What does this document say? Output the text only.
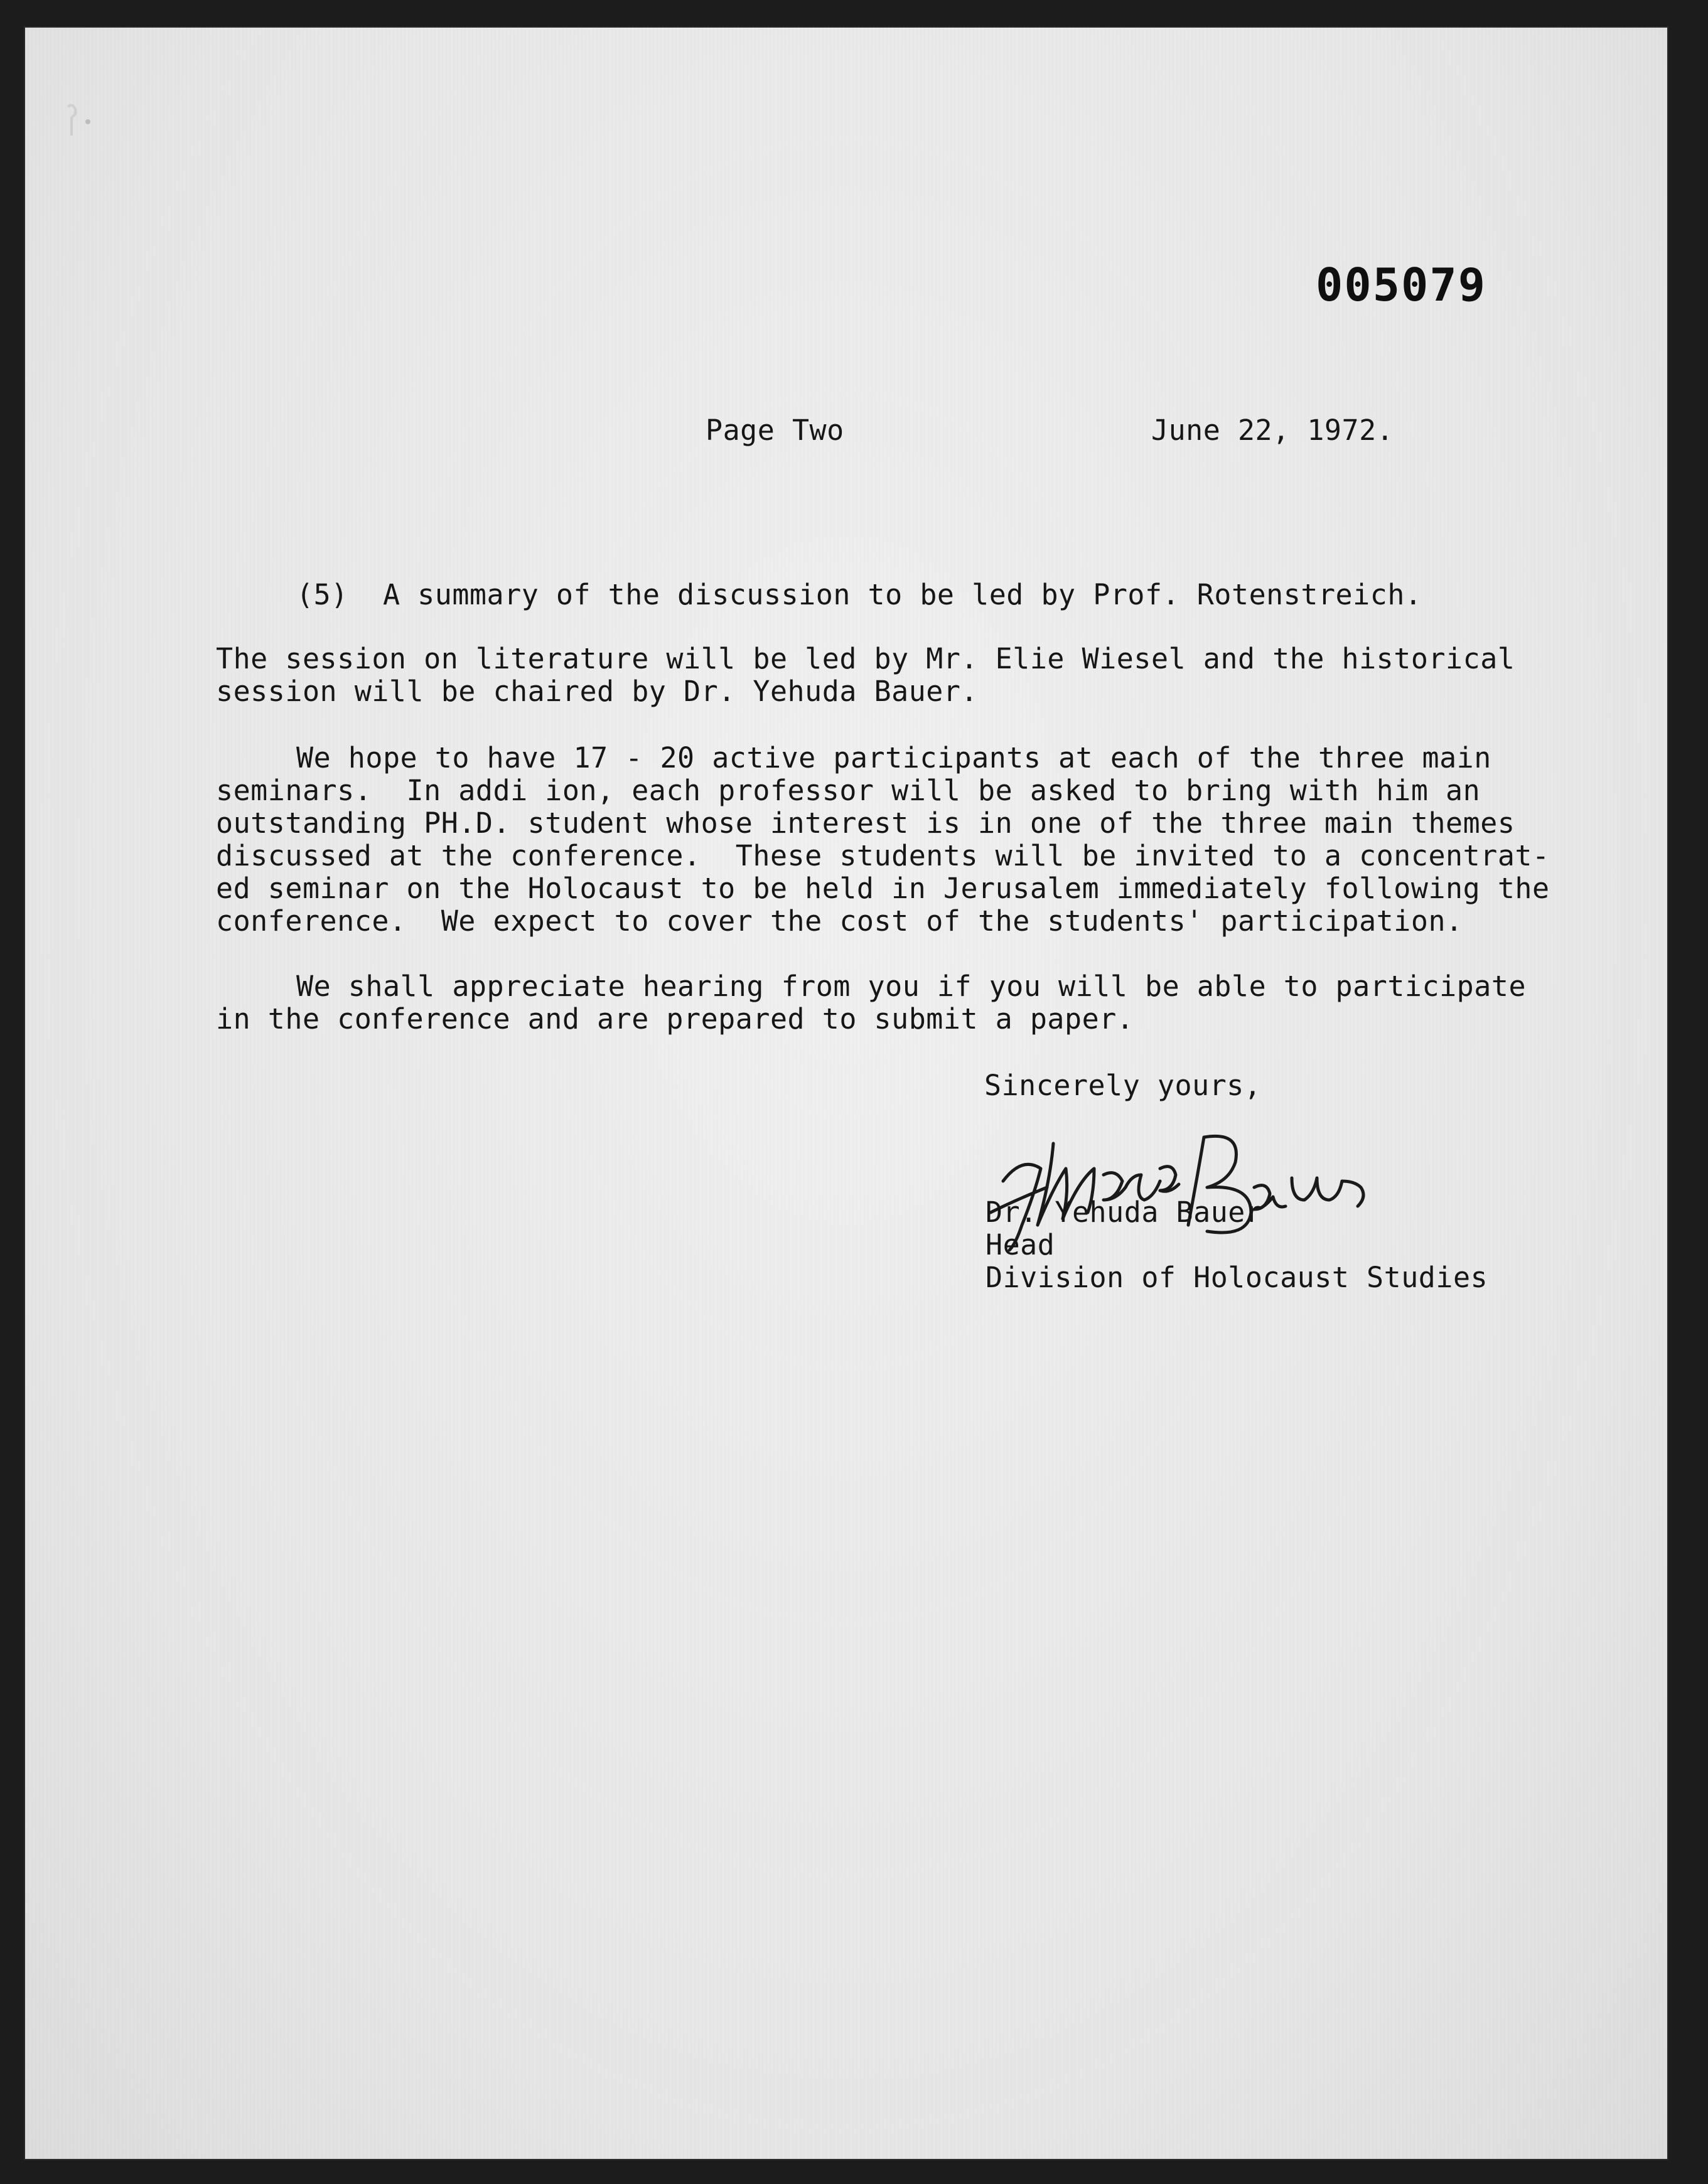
005079
Page Two	June 22, 1972.
(5)  A summary of the discussion to be led by Prof. Rotenstreich.
The session on literature will be led by Mr. Elie Wiesel and the historical
session will be chaired by Dr. Yehuda Bauer.
We hope to have 17 - 20 active participants at each of the three main
seminars.  In addi ion, each professor will be asked to bring with him an
outstanding PH.D. student whose interest is in one of the three main themes
discussed at the conference.  These students will be invited to a concentrat-
ed seminar on the Holocaust to be held in Jerusalem immediately following the
conference.  We expect to cover the cost of the students' participation.
We shall appreciate hearing from you if you will be able to participate
in the conference and are prepared to submit a paper.
Sincerely yours,
Dr. Yehuda Bauer
Head
Division of Holocaust Studies
